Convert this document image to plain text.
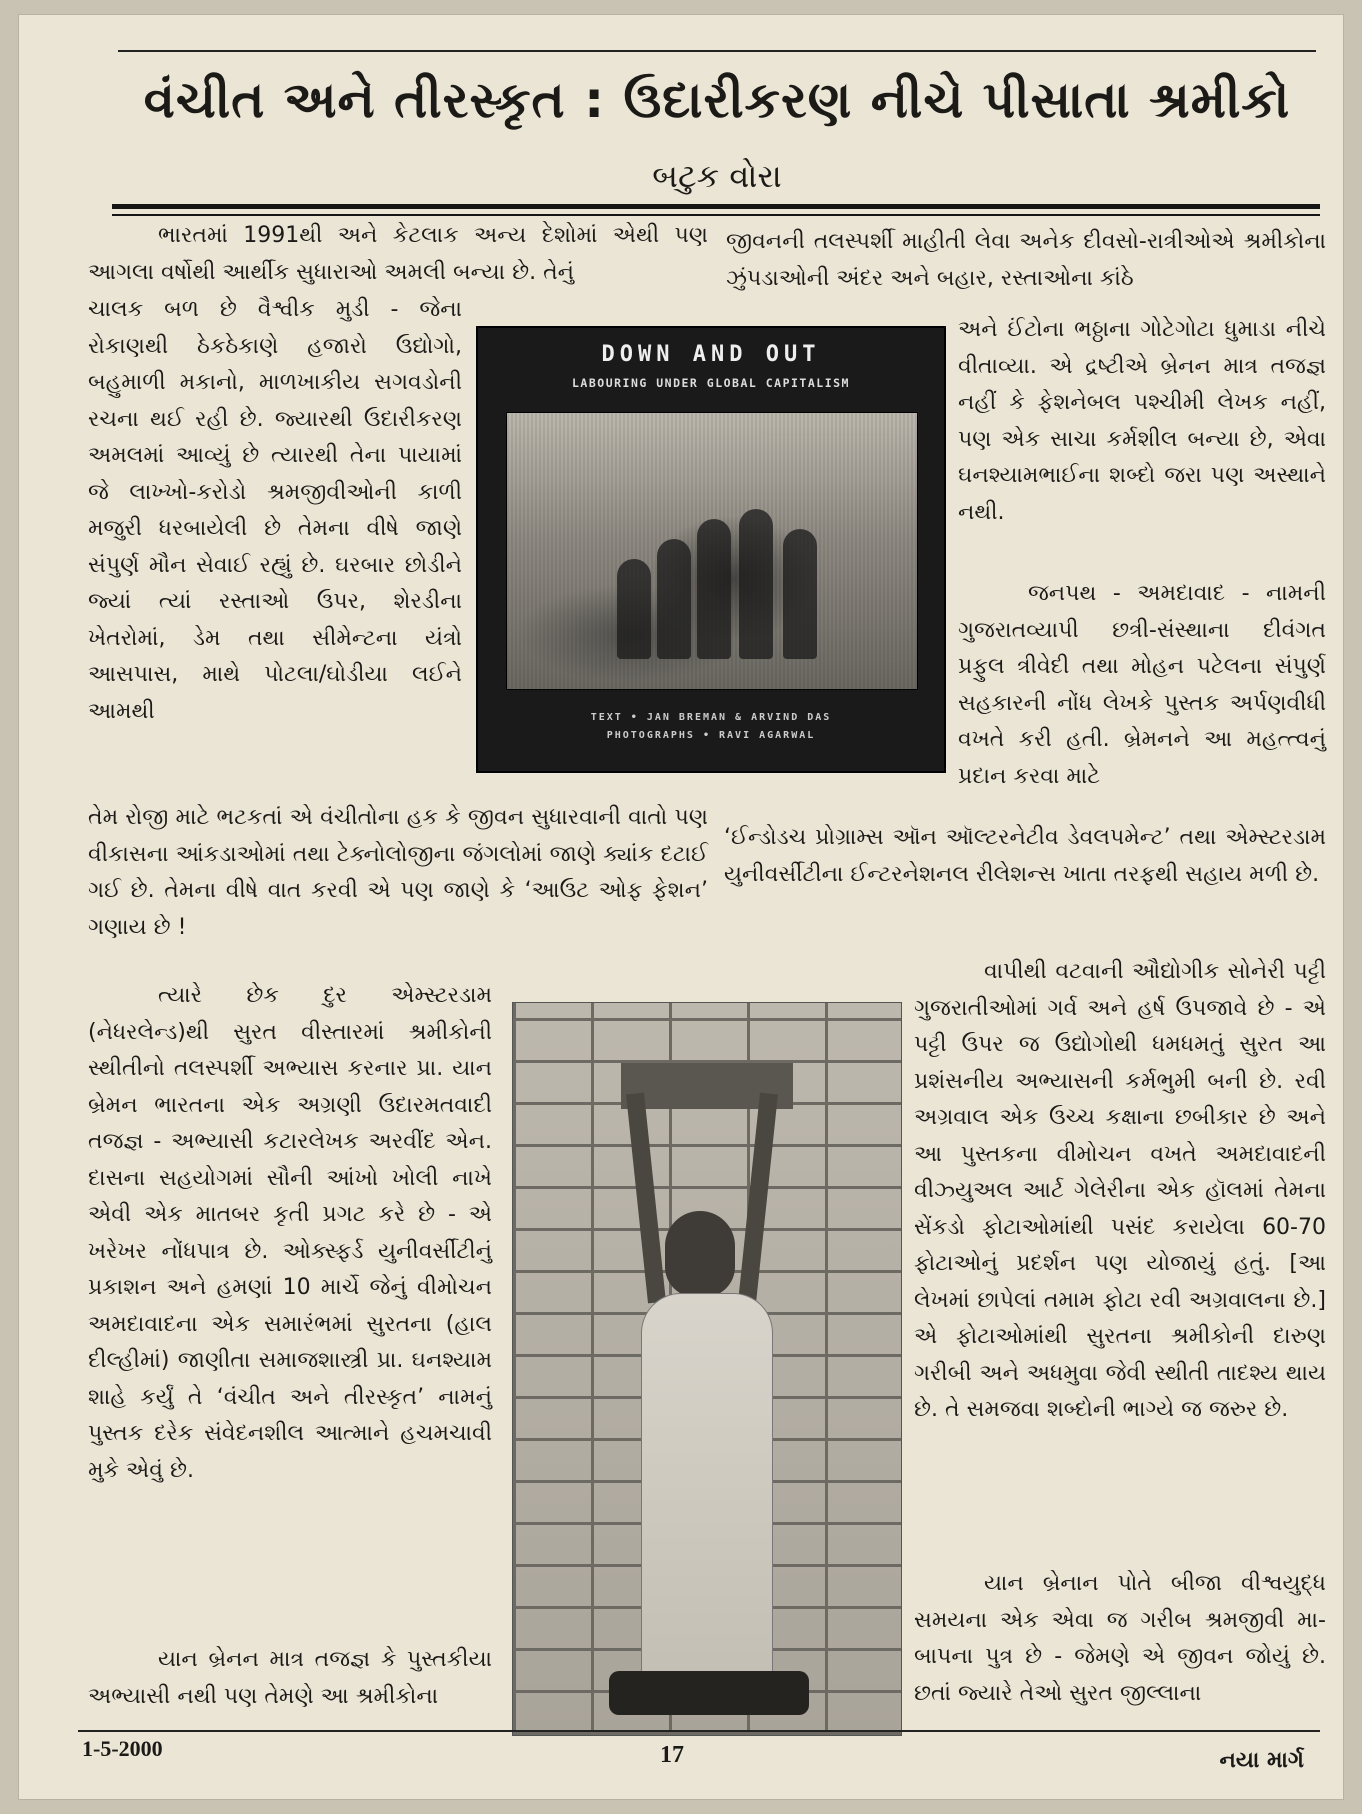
વંચીત અને તીરસ્કૃત : ઉદારીકરણ નીચે પીસાતા શ્રમીકો
બટુક વોરા

ભારતમાં 1991થી અને કેટલાક અન્ય દેશોમાં એથી પણ આગલા વર્ષોથી આર્થીક સુધારાઓ અમલી બન્યા છે. તેનું

ચાલક બળ છે વૈશ્વીક મુડી - જેના રોકાણથી ઠેકઠેકાણે હજારો ઉદ્યોગો, બહુમાળી મકાનો, માળખાકીય સગવડોની રચના થઈ રહી છે. જ્યારથી ઉદારીકરણ અમલમાં આવ્યું છે ત્યારથી તેના પાયામાં જે લાખ્ખો-કરોડો શ્રમજીવીઓની કાળી મજુરી ધરબાયેલી છે તેમના વીષે જાણે સંપુર્ણ મૌન સેવાઈ રહ્યું છે. ઘરબાર છોડીને જ્યાં ત્યાં રસ્તાઓ ઉપર, શેરડીના ખેતરોમાં, ડેમ તથા સીમેન્ટના યંત્રો આસપાસ, માથે પોટલા/ઘોડીયા લઈને આમથી

તેમ રોજી માટે ભટકતાં એ વંચીતોના હક કે જીવન સુધારવાની વાતો પણ વીકાસના આંકડાઓમાં તથા ટેક્નોલોજીના જંગલોમાં જાણે ક્યાંક દટાઈ ગઈ છે. તેમના વીષે વાત કરવી એ પણ જાણે કે ‘આઉટ ઓફ ફેશન’ ગણાય છે !

DOWN AND OUT
LABOURING UNDER GLOBAL CAPITALISM
TEXT • JAN BREMAN & ARVIND DAS
PHOTOGRAPHS • RAVI AGARWAL

જીવનની તલસ્પર્શી માહીતી લેવા અનેક દીવસો-રાત્રીઓએ શ્રમીકોના ઝુંપડાઓની અંદર અને બહાર, રસ્તાઓના કાંઠે

અને ઈંટોના ભઠ્ઠાના ગોટેગોટા ધુમાડા નીચે વીતાવ્યા. એ દ્રષ્ટીએ બ્રેનન માત્ર તજજ્ઞ નહીં કે ફેશનેબલ પશ્ચીમી લેખક નહીં, પણ એક સાચા કર્મશીલ બન્યા છે, એવા ઘનશ્યામભાઈના શબ્દો જરા પણ અસ્થાને નથી.

જનપથ - અમદાવાદ - નામની ગુજરાતવ્યાપી છત્રી-સંસ્થાના દીવંગત પ્રફુલ ત્રીવેદી તથા મોહન પટેલના સંપુર્ણ સહકારની નોંધ લેખકે પુસ્તક અર્પણવીધી વખતે કરી હતી. બ્રેમનને આ મહત્ત્વનું પ્રદાન કરવા માટે

‘ઈન્ડોડચ પ્રોગ્રામ્સ ઑન ઑલ્ટરનેટીવ ડેવલપમેન્ટ’ તથા એમ્સ્ટરડામ યુનીવર્સીટીના ઈન્ટરનેશનલ રીલેશન્સ ખાતા તરફથી સહાય મળી છે.

ત્યારે છેક દુર એમ્સ્ટરડામ (નેધરલેન્ડ)થી સુરત વીસ્તારમાં શ્રમીકોની સ્થીતીનો તલસ્પર્શી અભ્યાસ કરનાર પ્રા. યાન બ્રેમન ભારતના એક અગ્રણી ઉદારમતવાદી તજજ્ઞ - અભ્યાસી કટારલેખક અરવીંદ એન. દાસના સહયોગમાં સૌની આંખો ખોલી નાખે એવી એક માતબર કૃતી પ્રગટ કરે છે - એ ખરેખર નોંધપાત્ર છે. ઓક્સ્ફર્ડ યુનીવર્સીટીનું પ્રકાશન અને હમણાં 10 માર્ચે જેનું વીમોચન અમદાવાદના એક સમારંભમાં સુરતના (હાલ દીલ્હીમાં) જાણીતા સમાજશાસ્ત્રી પ્રા. ઘનશ્યામ શાહે કર્યું તે ‘વંચીત અને તીરસ્કૃત’ નામનું પુસ્તક દરેક સંવેદનશીલ આત્માને હચમચાવી મુકે એવું છે.

યાન બ્રેનન માત્ર તજજ્ઞ કે પુસ્તકીયા અભ્યાસી નથી પણ તેમણે આ શ્રમીકોના

વાપીથી વટવાની ઔદ્યોગીક સોનેરી પટ્ટી ગુજરાતીઓમાં ગર્વ અને હર્ષ ઉપજાવે છે - એ પટ્ટી ઉપર જ ઉદ્યોગોથી ધમધમતું સુરત આ પ્રશંસનીય અભ્યાસની કર્મભુમી બની છે. રવી અગ્રવાલ એક ઉચ્ચ કક્ષાના છબીકાર છે અને આ પુસ્તકના વીમોચન વખતે અમદાવાદની વીઝ્યુઅલ આર્ટ ગેલેરીના એક હૉલમાં તેમના સેંકડો ફોટાઓમાંથી પસંદ કરાયેલા 60-70 ફોટાઓનું પ્રદર્શન પણ યોજાયું હતું. [આ લેખમાં છાપેલાં તમામ ફોટા રવી અગ્રવાલના છે.] એ ફોટાઓમાંથી સુરતના શ્રમીકોની દારુણ ગરીબી અને અધમુવા જેવી સ્થીતી તાદશ્ય થાય છે. તે સમજવા શબ્દોની ભાગ્યે જ જરુર છે.

યાન બ્રેનાન પોતે બીજા વીશ્વયુદ્ધ સમયના એક એવા જ ગરીબ શ્રમજીવી મા-બાપના પુત્ર છે - જેમણે એ જીવન જોયું છે. છતાં જ્યારે તેઓ સુરત જીલ્લાના

1-5-2000	17	નયા માર્ગ
